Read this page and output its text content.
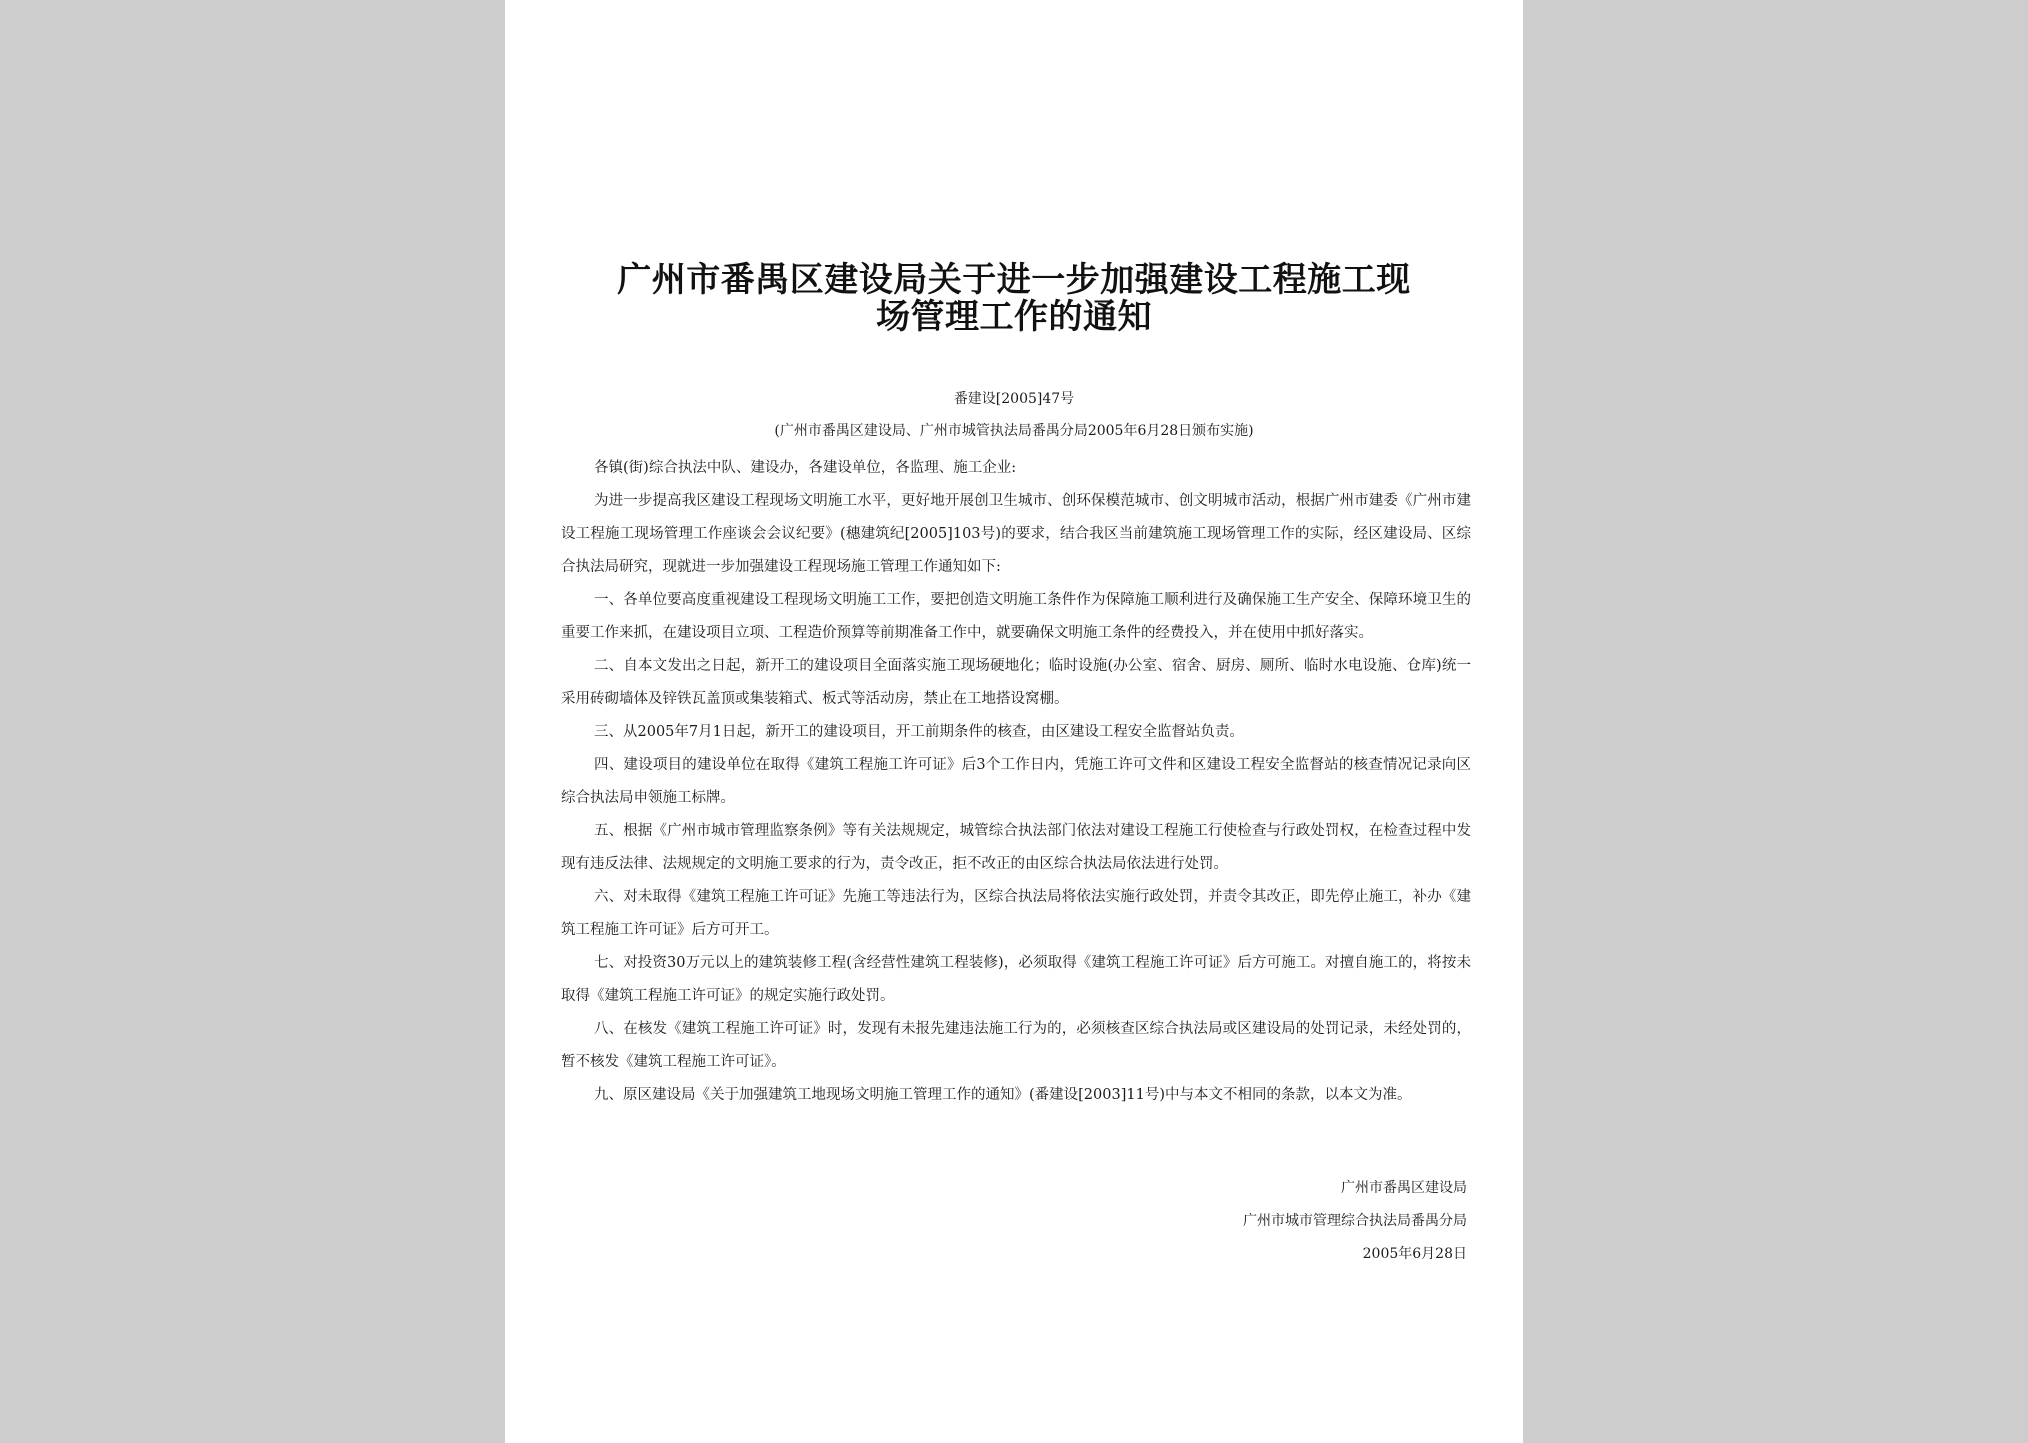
广州市番禺区建设局关于进一步加强建设工程施工现
场管理工作的通知
番建设[2005]47号
(广州市番禺区建设局、广州市城管执法局番禺分局2005年6月28日颁布实施)

各镇(街)综合执法中队、建设办，各建设单位，各监理、施工企业:

为进一步提高我区建设工程现场文明施工水平，更好地开展创卫生城市、创环保模范城市、创文明城市活动，根据广州市建委《广州市建设工程施工现场管理工作座谈会会议纪要》(穗建筑纪[2005]103号)的要求，结合我区当前建筑施工现场管理工作的实际，经区建设局、区综合执法局研究，现就进一步加强建设工程现场施工管理工作通知如下:

一、各单位要高度重视建设工程现场文明施工工作，要把创造文明施工条件作为保障施工顺利进行及确保施工生产安全、保障环境卫生的重要工作来抓，在建设项目立项、工程造价预算等前期准备工作中，就要确保文明施工条件的经费投入，并在使用中抓好落实。

二、自本文发出之日起，新开工的建设项目全面落实施工现场硬地化；临时设施(办公室、宿舍、厨房、厕所、临时水电设施、仓库)统一采用砖砌墙体及锌铁瓦盖顶或集装箱式、板式等活动房，禁止在工地搭设窝棚。

三、从2005年7月1日起，新开工的建设项目，开工前期条件的核查，由区建设工程安全监督站负责。

四、建设项目的建设单位在取得《建筑工程施工许可证》后3个工作日内，凭施工许可文件和区建设工程安全监督站的核查情况记录向区综合执法局申领施工标牌。

五、根据《广州市城市管理监察条例》等有关法规规定，城管综合执法部门依法对建设工程施工行使检查与行政处罚权，在检查过程中发现有违反法律、法规规定的文明施工要求的行为，责令改正，拒不改正的由区综合执法局依法进行处罚。

六、对未取得《建筑工程施工许可证》先施工等违法行为，区综合执法局将依法实施行政处罚，并责令其改正，即先停止施工，补办《建筑工程施工许可证》后方可开工。

七、对投资30万元以上的建筑装修工程(含经营性建筑工程装修)，必须取得《建筑工程施工许可证》后方可施工。对擅自施工的，将按未取得《建筑工程施工许可证》的规定实施行政处罚。

八、在核发《建筑工程施工许可证》时，发现有未报先建违法施工行为的，必须核查区综合执法局或区建设局的处罚记录，未经处罚的，暂不核发《建筑工程施工许可证》。

九、原区建设局《关于加强建筑工地现场文明施工管理工作的通知》(番建设[2003]11号)中与本文不相同的条款，以本文为准。

广州市番禺区建设局
广州市城市管理综合执法局番禺分局
2005年6月28日
